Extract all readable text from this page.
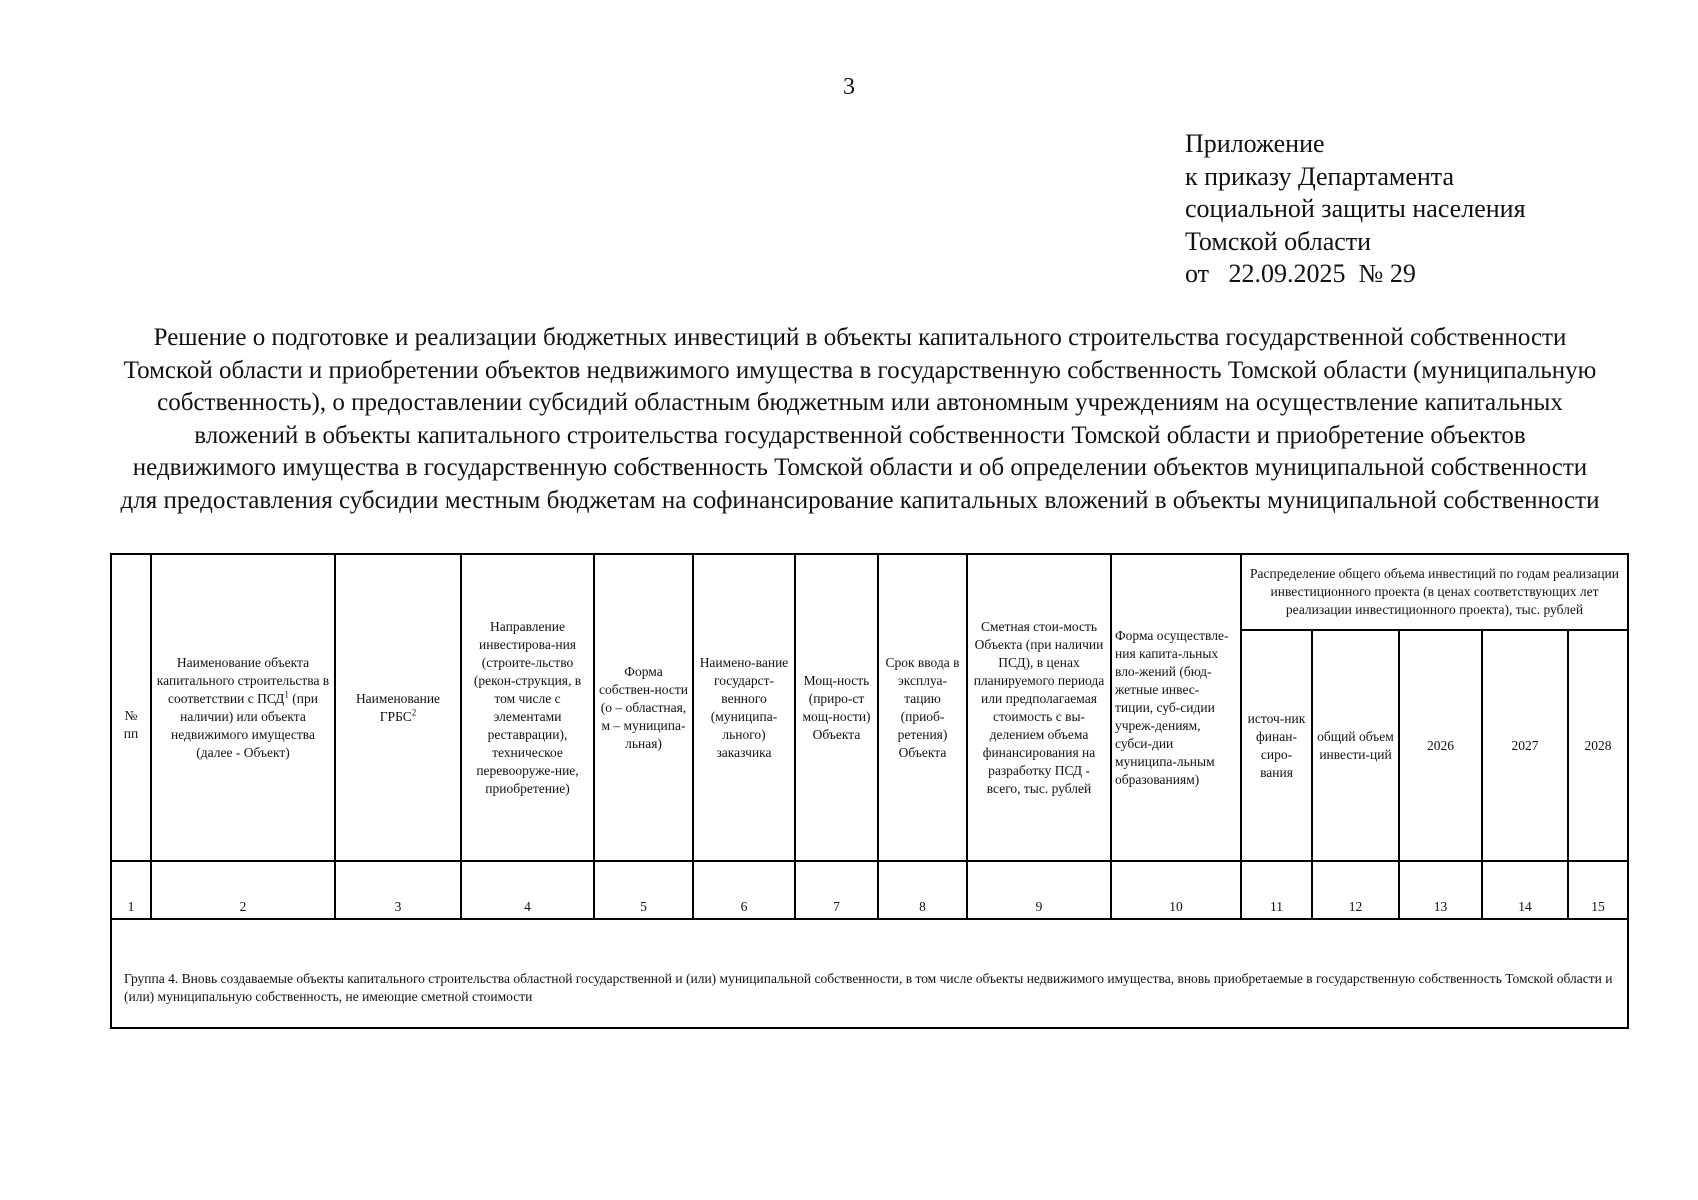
3
Приложение
к приказу Департамента
социальной защиты населения
Томской области
от   22.09.2025  № 29
Решение о подготовке и реализации бюджетных инвестиций в объекты капитального строительства государственной собственности Томской области и приобретении объектов недвижимого имущества в государственную собственность Томской области (муниципальную собственность), о предоставлении субсидий областным бюджетным или автономным учреждениям на осуществление капитальных вложений в объекты капитального строительства государственной собственности Томской области и приобретение объектов недвижимого имущества в государственную собственность Томской области и об определении объектов муниципальной собственности для предоставления субсидии местным бюджетам на софинансирование капитальных вложений в объекты муниципальной собственности
№
пп	Наименование объекта капитального строительства в соответствии с ПСД$^1$ (при наличии) или объекта недвижимого имущества (далее - Объект)	Наименование ГРБС$^2$	Направление инвестирова-ния (строите-льство (рекон-струкция, в том числе с элементами реставрации), техническое перевооруже-ние, приобретение)	Форма собствен-ности (о – областная, м – муниципа-льная)	Наимено-вание государст-венного (муниципа-льного) заказчика	Мощ-ность (приро-ст мощ-ности) Объекта	Срок ввода в эксплуа-тацию (приоб-ретения) Объекта	Сметная стои-мость Объекта (при наличии ПСД), в ценах планируемого периода или предполагаемая стоимость с вы-делением объема финансирования на разработку ПСД - всего, тыс. рублей	Форма осуществле-ния капита-льных вло-жений (бюд-жетные инвес-тиции, суб-сидии учреж-дениям, субси-дии муниципа-льным образованиям)	Распределение общего объема инвестиций по годам реализации инвестиционного проекта (в ценах соответствующих лет реализации инвестиционного проекта), тыс. рублей				
										источ-ник финан-сиро-вания	общий объем инвести-ций	2026	2027	2028
1	2	3	4	5	6	7	8	9	10	11	12	13	14	15
Группа 4. Вновь создаваемые объекты капитального строительства областной государственной и (или) муниципальной собственности, в том числе объекты недвижимого имущества, вновь приобретаемые в государственную собственность Томской области и (или) муниципальную собственность, не имеющие сметной стоимости														
